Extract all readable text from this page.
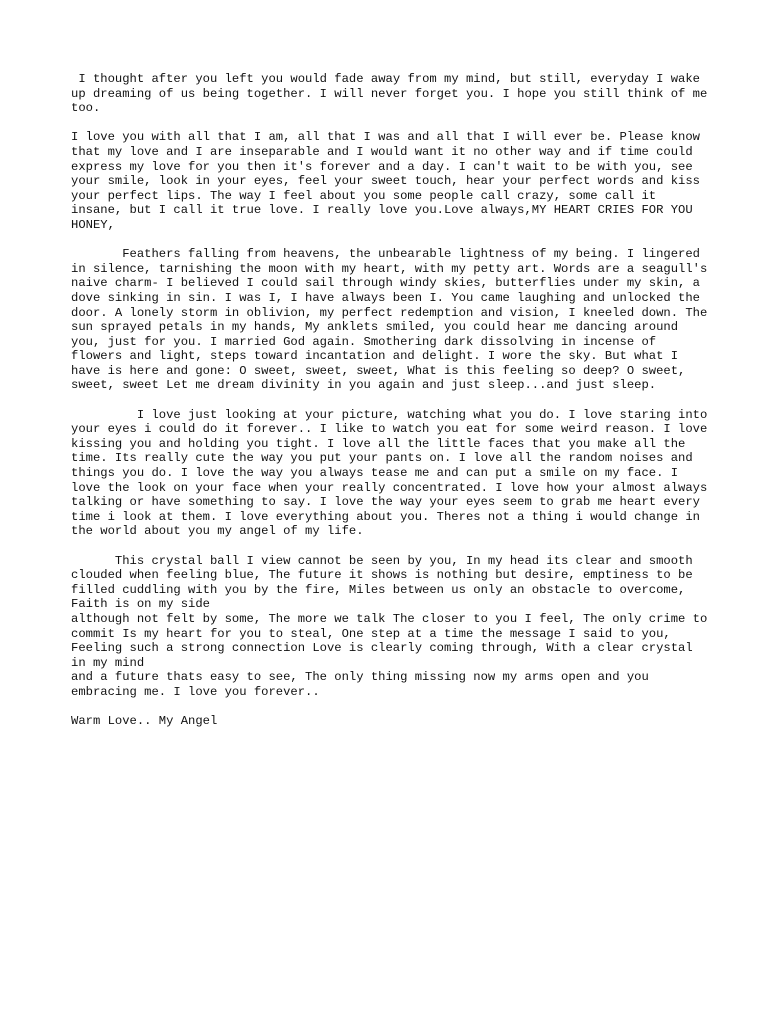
I thought after you left you would fade away from my mind, but still, everyday I wake up dreaming of us being together. I will never forget you. I hope you still think of me too.

I love you with all that I am, all that I was and all that I will ever be. Please know that my love and I are inseparable and I would want it no other way and if time could express my love for you then it's forever and a day. I can't wait to be with you, see your smile, look in your eyes, feel your sweet touch, hear your perfect words and kiss your perfect lips. The way I feel about you some people call crazy, some call it insane, but I call it true love. I really love you.Love always,MY HEART CRIES FOR YOU HONEY,

Feathers falling from heavens, the unbearable lightness of my being. I lingered in silence, tarnishing the moon with my heart, with my petty art. Words are a seagull's naive charm- I believed I could sail through windy skies, butterflies under my skin, a dove sinking in sin. I was I, I have always been I. You came laughing and unlocked the door. A lonely storm in oblivion, my perfect redemption and vision, I kneeled down. The sun sprayed petals in my hands, My anklets smiled, you could hear me dancing around you, just for you. I married God again. Smothering dark dissolving in incense of flowers and light, steps toward incantation and delight. I wore the sky. But what I have is here and gone: O sweet, sweet, sweet, What is this feeling so deep? O sweet, sweet, sweet Let me dream divinity in you again and just sleep...and just sleep.

I love just looking at your picture, watching what you do. I love staring into your eyes i could do it forever.. I like to watch you eat for some weird reason. I love kissing you and holding you tight. I love all the little faces that you make all the time. Its really cute the way you put your pants on. I love all the random noises and things you do. I love the way you always tease me and can put a smile on my face. I love the look on your face when your really concentrated. I love how your almost always talking or have something to say. I love the way your eyes seem to grab me heart every time i look at them. I love everything about you. Theres not a thing i would change in the world about you my angel of my life.

This crystal ball I view cannot be seen by you, In my head its clear and smooth clouded when feeling blue, The future it shows is nothing but desire, emptiness to be filled cuddling with you by the fire, Miles between us only an obstacle to overcome, Faith is on my side
although not felt by some, The more we talk The closer to you I feel, The only crime to commit Is my heart for you to steal, One step at a time the message I said to you, Feeling such a strong connection Love is clearly coming through, With a clear crystal in my mind
and a future thats easy to see, The only thing missing now my arms open and you embracing me. I love you forever..

Warm Love.. My Angel
